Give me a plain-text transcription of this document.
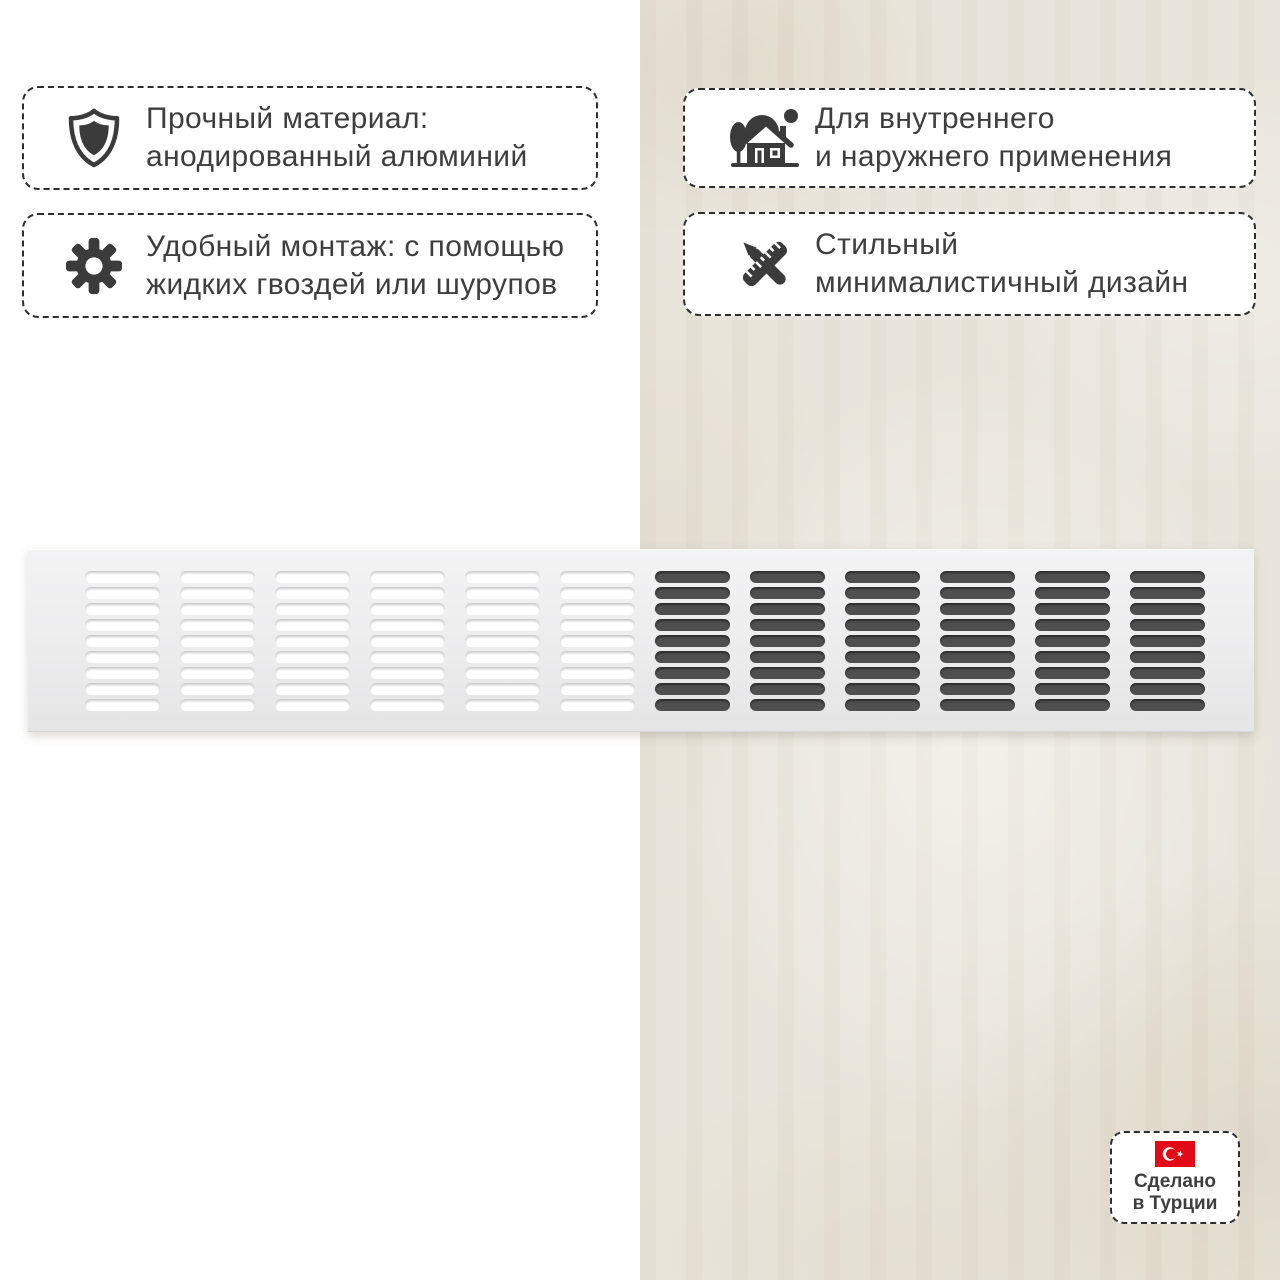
Прочный материал:
анодированный алюминий
Удобный монтаж: с помощью
жидких гвоздей или шурупов
Для внутреннего
и наружнего применения
Стильный
минималистичный дизайн
Сделано
в Турции
